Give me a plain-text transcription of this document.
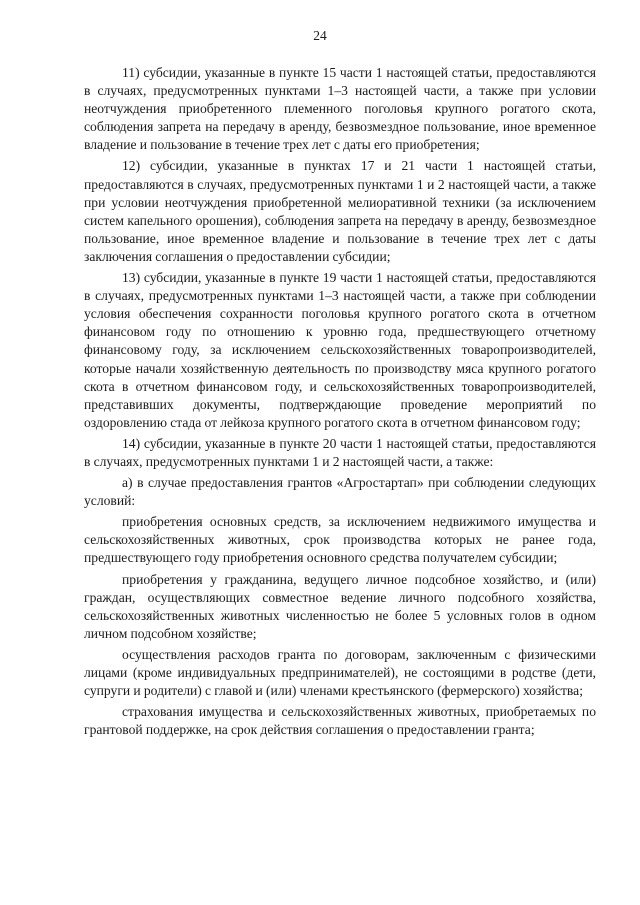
24

11) субсидии, указанные в пункте 15 части 1 настоящей статьи, предоставляются в случаях, предусмотренных пунктами 1–3 настоящей части, а также при условии неотчуждения приобретенного племенного поголовья крупного рогатого скота, соблюдения запрета на передачу в аренду, безвозмездное пользование, иное временное владение и пользование в течение трех лет с даты его приобретения;

12) субсидии, указанные в пунктах 17 и 21 части 1 настоящей статьи, предоставляются в случаях, предусмотренных пунктами 1 и 2 настоящей части, а также при условии неотчуждения приобретенной мелиоративной техники (за исключением систем капельного орошения), соблюдения запрета на передачу в аренду, безвозмездное пользование, иное временное владение и пользование в течение трех лет с даты заключения соглашения о предоставлении субсидии;

13) субсидии, указанные в пункте 19 части 1 настоящей статьи, предоставляются в случаях, предусмотренных пунктами 1–3 настоящей части, а также при соблюдении условия обеспечения сохранности поголовья крупного рогатого скота в отчетном финансовом году по отношению к уровню года, предшествующего отчетному финансовому году, за исключением сельскохозяйственных товаропроизводителей, которые начали хозяйственную деятельность по производству мяса крупного рогатого скота в отчетном финансовом году, и сельскохозяйственных товаропроизводителей, представивших документы, подтверждающие проведение мероприятий по оздоровлению стада от лейкоза крупного рогатого скота в отчетном финансовом году;

14) субсидии, указанные в пункте 20 части 1 настоящей статьи, предоставляются в случаях, предусмотренных пунктами 1 и 2 настоящей части, а также:

а) в случае предоставления грантов «Агростартап» при соблюдении следующих условий:

приобретения основных средств, за исключением недвижимого имущества и сельскохозяйственных животных, срок производства которых не ранее года, предшествующего году приобретения основного средства получателем субсидии;

приобретения у гражданина, ведущего личное подсобное хозяйство, и (или) граждан, осуществляющих совместное ведение личного подсобного хозяйства, сельскохозяйственных животных численностью не более 5 условных голов в одном личном подсобном хозяйстве;

осуществления расходов гранта по договорам, заключенным с физическими лицами (кроме индивидуальных предпринимателей), не состоящими в родстве (дети, супруги и родители) с главой и (или) членами крестьянского (фермерского) хозяйства;

страхования имущества и сельскохозяйственных животных, приобретаемых по грантовой поддержке, на срок действия соглашения о предоставлении гранта;
